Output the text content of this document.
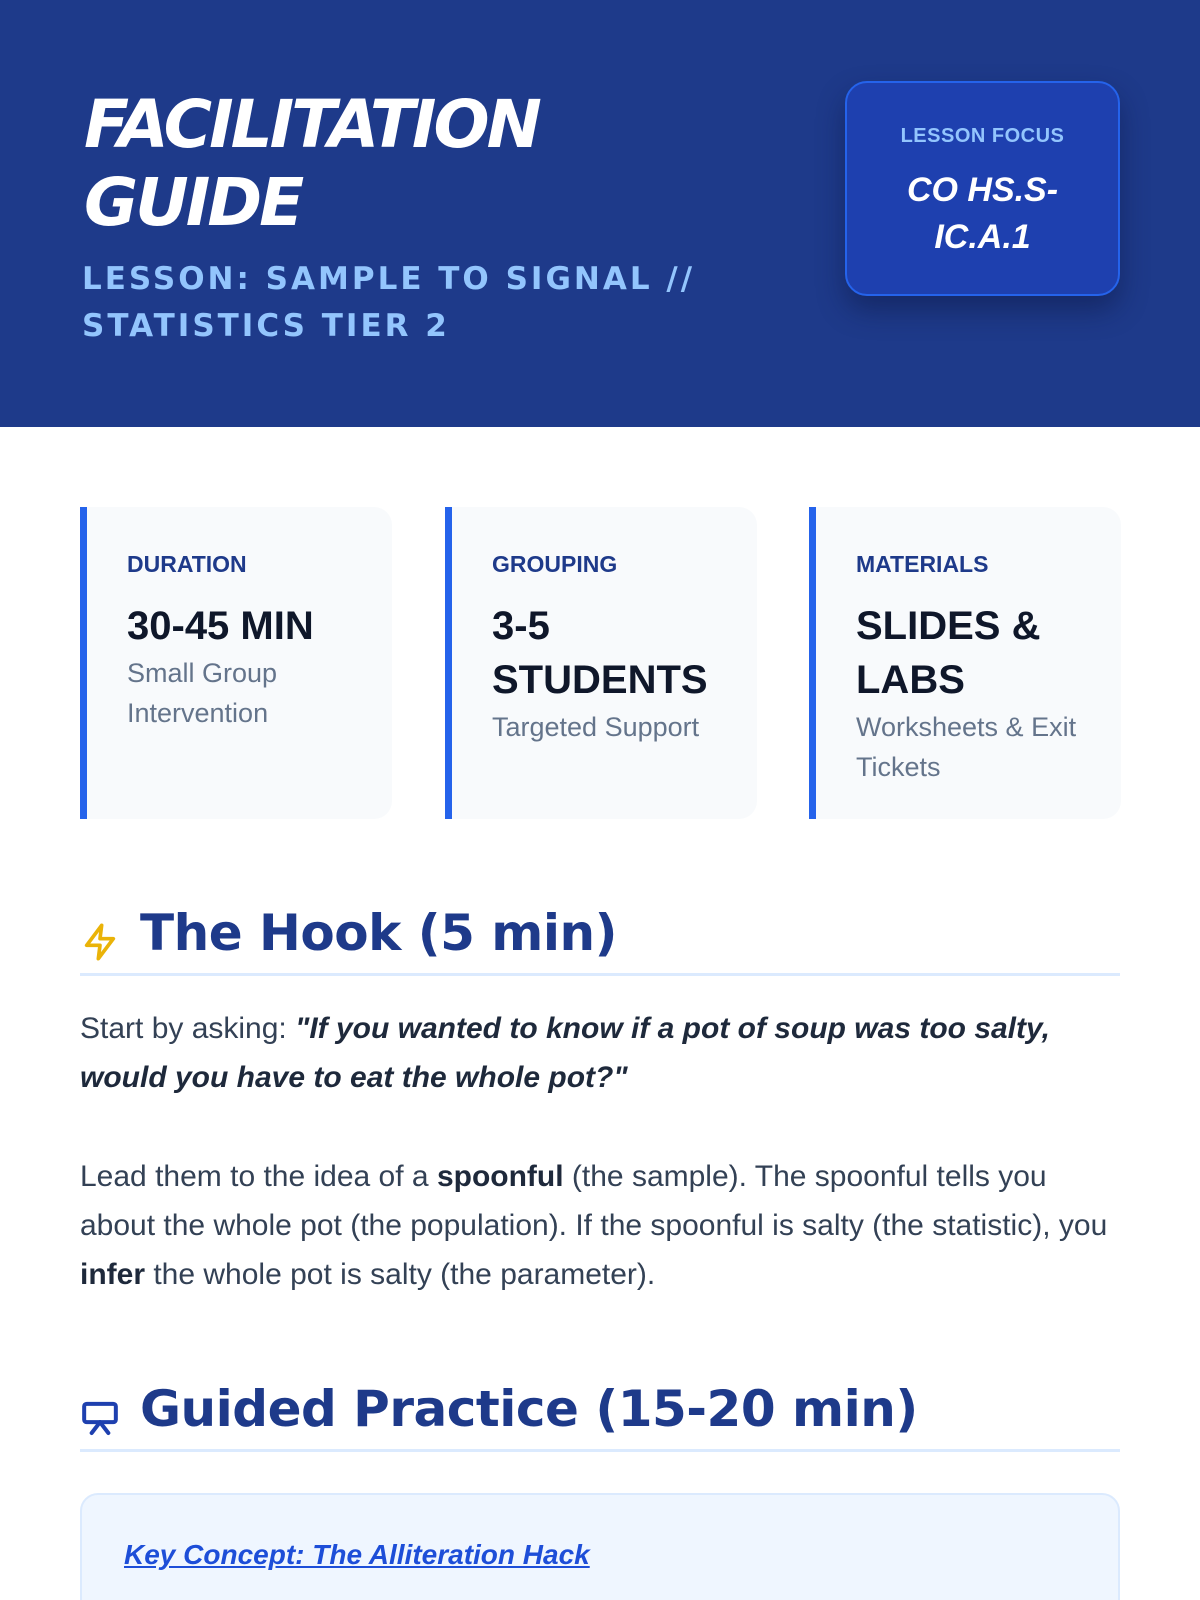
FACILITATION
GUIDE
LESSON: SAMPLE TO SIGNAL //
STATISTICS TIER 2
LESSON FOCUS
CO HS.S-
IC.A.1
DURATION
30-45 MIN
Small Group Intervention
GROUPING
3-5 STUDENTS
Targeted Support
MATERIALS
SLIDES & LABS
Worksheets & Exit Tickets
The Hook (5 min)

Start by asking: "If you wanted to know if a pot of soup was too salty, would you have to eat the whole pot?"

Lead them to the idea of a spoonful (the sample). The spoonful tells you about the whole pot (the population). If the spoonful is salty (the statistic), you infer the whole pot is salty (the parameter).

Guided Practice (15-20 min)
Key Concept: The Alliteration Hack
